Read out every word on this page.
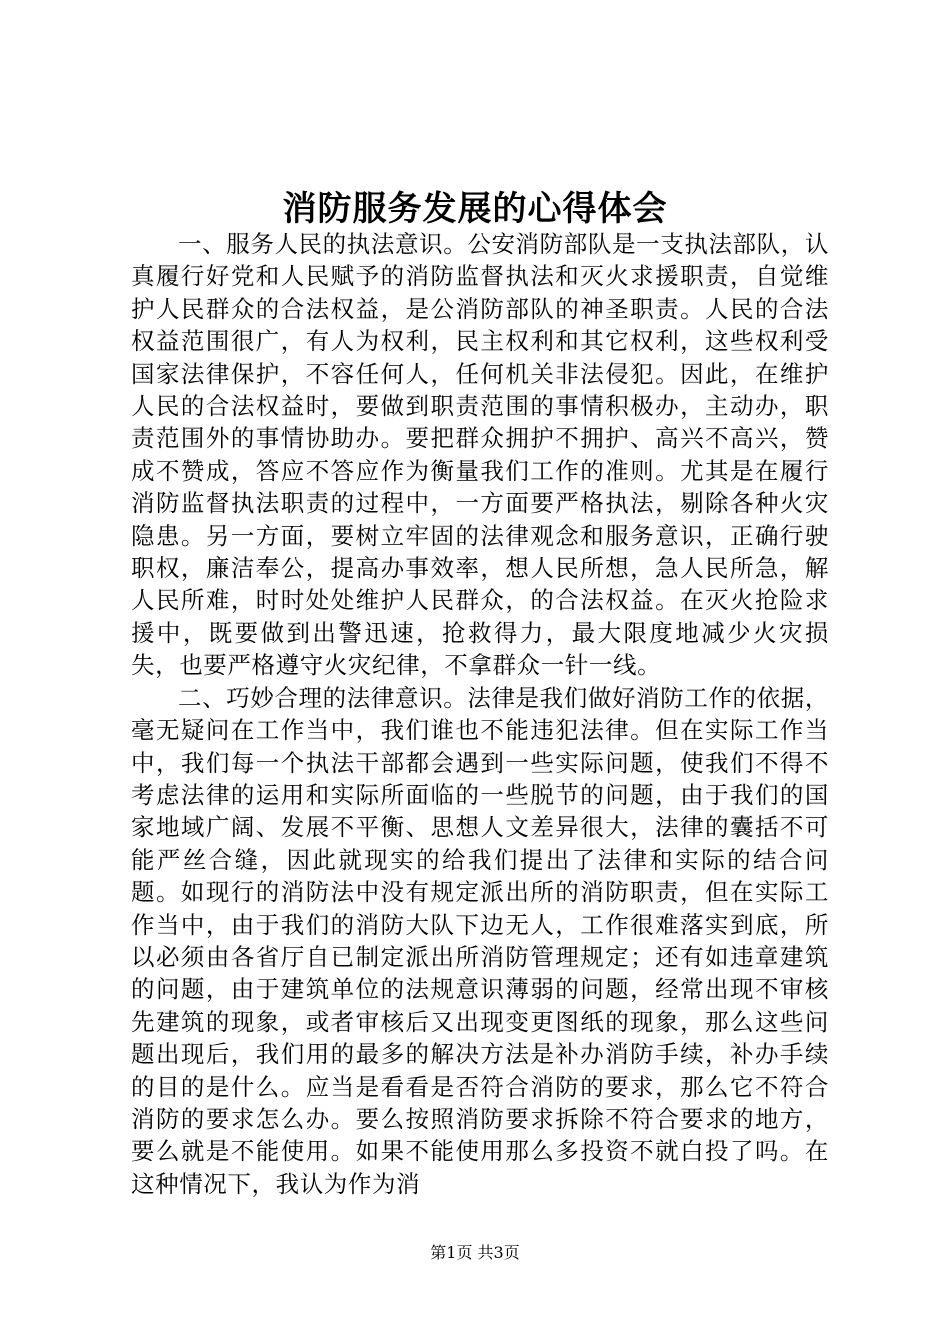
消防服务发展的心得体会

一、服务人民的执法意识。公安消防部队是一支执法部队，认真履行好党和人民赋予的消防监督执法和灭火求援职责，自觉维护人民群众的合法权益，是公消防部队的神圣职责。人民的合法权益范围很广，有人为权利，民主权利和其它权利，这些权利受国家法律保护，不容任何人，任何机关非法侵犯。因此，在维护人民的合法权益时，要做到职责范围的事情积极办，主动办，职责范围外的事情协助办。要把群众拥护不拥护、高兴不高兴，赞成不赞成，答应不答应作为衡量我们工作的准则。尤其是在履行消防监督执法职责的过程中，一方面要严格执法，剔除各种火灾隐患。另一方面，要树立牢固的法律观念和服务意识，正确行驶职权，廉洁奉公，提高办事效率，想人民所想，急人民所急，解人民所难，时时处处维护人民群众，的合法权益。在灭火抢险求援中，既要做到出警迅速，抢救得力，最大限度地减少火灾损失，也要严格遵守火灾纪律，不拿群众一针一线。

二、巧妙合理的法律意识。法律是我们做好消防工作的依据，毫无疑问在工作当中，我们谁也不能违犯法律。但在实际工作当中，我们每一个执法干部都会遇到一些实际问题，使我们不得不考虑法律的运用和实际所面临的一些脱节的问题，由于我们的国家地域广阔、发展不平衡、思想人文差异很大，法律的囊括不可能严丝合缝，因此就现实的给我们提出了法律和实际的结合问题。如现行的消防法中没有规定派出所的消防职责，但在实际工作当中，由于我们的消防大队下边无人，工作很难落实到底，所以必须由各省厅自已制定派出所消防管理规定；还有如违章建筑的问题，由于建筑单位的法规意识薄弱的问题，经常出现不审核先建筑的现象，或者审核后又出现变更图纸的现象，那么这些问题出现后，我们用的最多的解决方法是补办消防手续，补办手续的目的是什么。应当是看看是否符合消防的要求，那么它不符合消防的要求怎么办。要么按照消防要求拆除不符合要求的地方，要么就是不能使用。如果不能使用那么多投资不就白投了吗。在这种情况下，我认为作为消

第1页 共3页
